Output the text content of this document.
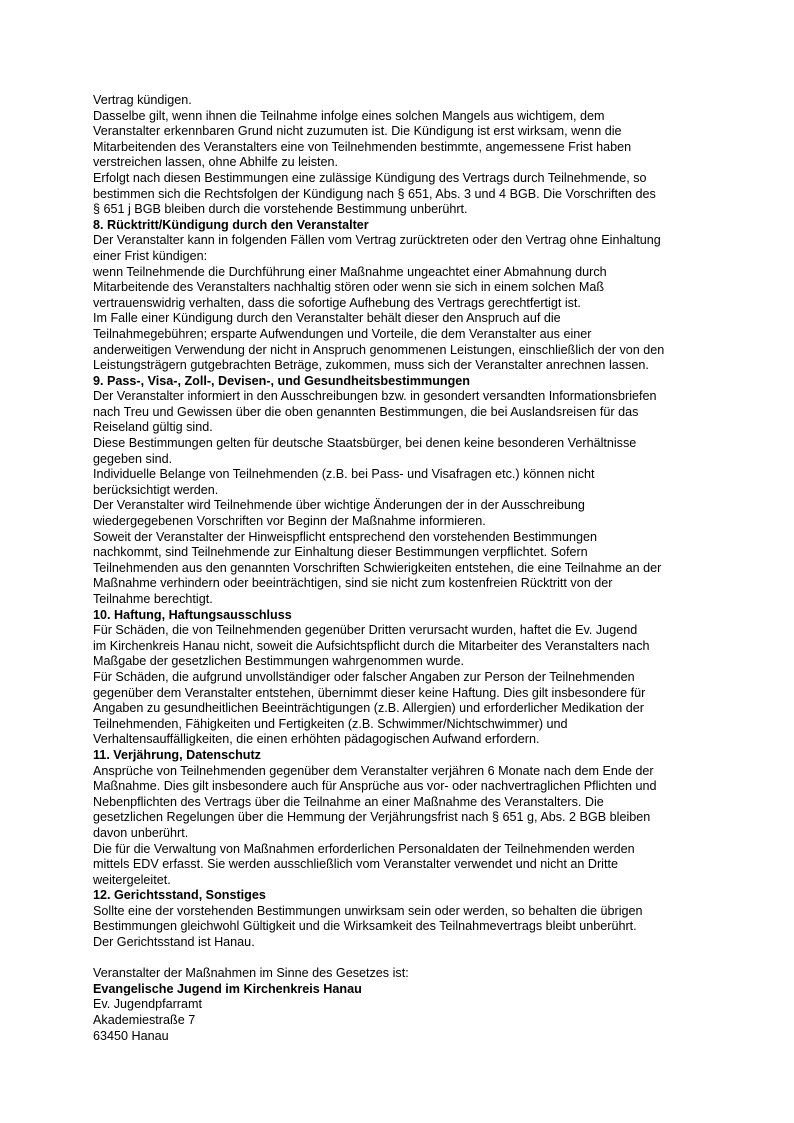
Vertrag kündigen.
Dasselbe gilt, wenn ihnen die Teilnahme infolge eines solchen Mangels aus wichtigem, dem
Veranstalter erkennbaren Grund nicht zuzumuten ist. Die Kündigung ist erst wirksam, wenn die
Mitarbeitenden des Veranstalters eine von Teilnehmenden bestimmte, angemessene Frist haben
verstreichen lassen, ohne Abhilfe zu leisten.
Erfolgt nach diesen Bestimmungen eine zulässige Kündigung des Vertrags durch Teilnehmende, so
bestimmen sich die Rechtsfolgen der Kündigung nach § 651, Abs. 3 und 4 BGB. Die Vorschriften des
§ 651 j BGB bleiben durch die vorstehende Bestimmung unberührt.
8. Rücktritt/Kündigung durch den Veranstalter
Der Veranstalter kann in folgenden Fällen vom Vertrag zurücktreten oder den Vertrag ohne Einhaltung
einer Frist kündigen:
wenn Teilnehmende die Durchführung einer Maßnahme ungeachtet einer Abmahnung durch
Mitarbeitende des Veranstalters nachhaltig stören oder wenn sie sich in einem solchen Maß
vertrauenswidrig verhalten, dass die sofortige Aufhebung des Vertrags gerechtfertigt ist.
Im Falle einer Kündigung durch den Veranstalter behält dieser den Anspruch auf die
Teilnahmegebühren; ersparte Aufwendungen und Vorteile, die dem Veranstalter aus einer
anderweitigen Verwendung der nicht in Anspruch genommenen Leistungen, einschließlich der von den
Leistungsträgern gutgebrachten Beträge, zukommen, muss sich der Veranstalter anrechnen lassen.
9. Pass-, Visa-, Zoll-, Devisen-, und Gesundheitsbestimmungen
Der Veranstalter informiert in den Ausschreibungen bzw. in gesondert versandten Informationsbriefen
nach Treu und Gewissen über die oben genannten Bestimmungen, die bei Auslandsreisen für das
Reiseland gültig sind.
Diese Bestimmungen gelten für deutsche Staatsbürger, bei denen keine besonderen Verhältnisse
gegeben sind.
Individuelle Belange von Teilnehmenden (z.B. bei Pass- und Visafragen etc.) können nicht
berücksichtigt werden.
Der Veranstalter wird Teilnehmende über wichtige Änderungen der in der Ausschreibung
wiedergegebenen Vorschriften vor Beginn der Maßnahme informieren.
Soweit der Veranstalter der Hinweispflicht entsprechend den vorstehenden Bestimmungen
nachkommt, sind Teilnehmende zur Einhaltung dieser Bestimmungen verpflichtet. Sofern
Teilnehmenden aus den genannten Vorschriften Schwierigkeiten entstehen, die eine Teilnahme an der
Maßnahme verhindern oder beeinträchtigen, sind sie nicht zum kostenfreien Rücktritt von der
Teilnahme berechtigt.
10. Haftung, Haftungsausschluss
Für Schäden, die von Teilnehmenden gegenüber Dritten verursacht wurden, haftet die Ev. Jugend
im Kirchenkreis Hanau nicht, soweit die Aufsichtspflicht durch die Mitarbeiter des Veranstalters nach
Maßgabe der gesetzlichen Bestimmungen wahrgenommen wurde.
Für Schäden, die aufgrund unvollständiger oder falscher Angaben zur Person der Teilnehmenden
gegenüber dem Veranstalter entstehen, übernimmt dieser keine Haftung. Dies gilt insbesondere für
Angaben zu gesundheitlichen Beeinträchtigungen (z.B. Allergien) und erforderlicher Medikation der
Teilnehmenden, Fähigkeiten und Fertigkeiten (z.B. Schwimmer/Nichtschwimmer) und
Verhaltensauffälligkeiten, die einen erhöhten pädagogischen Aufwand erfordern.
11. Verjährung, Datenschutz
Ansprüche von Teilnehmenden gegenüber dem Veranstalter verjähren 6 Monate nach dem Ende der
Maßnahme. Dies gilt insbesondere auch für Ansprüche aus vor- oder nachvertraglichen Pflichten und
Nebenpflichten des Vertrags über die Teilnahme an einer Maßnahme des Veranstalters. Die
gesetzlichen Regelungen über die Hemmung der Verjährungsfrist nach § 651 g, Abs. 2 BGB bleiben
davon unberührt.
Die für die Verwaltung von Maßnahmen erforderlichen Personaldaten der Teilnehmenden werden
mittels EDV erfasst. Sie werden ausschließlich vom Veranstalter verwendet und nicht an Dritte
weitergeleitet.
12. Gerichtsstand, Sonstiges
Sollte eine der vorstehenden Bestimmungen unwirksam sein oder werden, so behalten die übrigen
Bestimmungen gleichwohl Gültigkeit und die Wirksamkeit des Teilnahmevertrags bleibt unberührt.
Der Gerichtsstand ist Hanau.
Veranstalter der Maßnahmen im Sinne des Gesetzes ist:
Evangelische Jugend im Kirchenkreis Hanau
Ev. Jugendpfarramt
Akademiestraße 7
63450 Hanau
